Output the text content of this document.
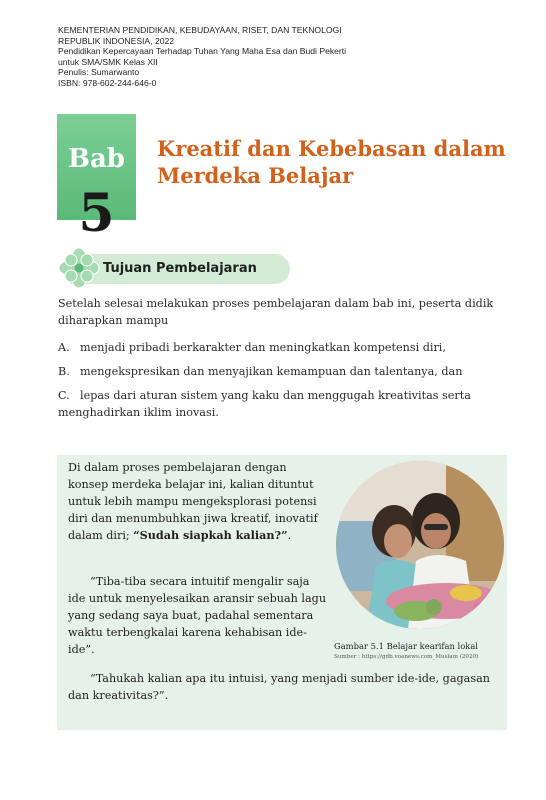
KEMENTERIAN PENDIDIKAN, KEBUDAYAAN, RISET, DAN TEKNOLOGI
REPUBLIK INDONESIA, 2022
Pendidikan Kepercayaan Terhadap Tuhan Yang Maha Esa dan Budi Pekerti
untuk SMA/SMK Kelas XII
Penulis: Sumarwanto
ISBN: 978-602-244-646-0
Bab
5
Kreatif dan Kebebasan dalam
Merdeka Belajar
Tujuan Pembelajaran
Setelah selesai melakukan proses pembelajaran dalam bab ini, peserta didik diharapkan mampu
A. menjadi pribadi berkarakter dan meningkatkan kompetensi diri,
B. mengekspresikan dan menyajikan kemampuan dan talentanya, dan
C. lepas dari aturan sistem yang kaku dan menggugah kreativitas serta menghadirkan iklim inovasi.
Di dalam proses pembelajaran dengan konsep merdeka belajar ini, kalian dituntut untuk lebih mampu mengeksplorasi potensi diri dan menumbuhkan jiwa kreatif, inovatif dalam diri; “Sudah siapkah kalian?”.
“Tiba-tiba secara intuitif mengalir saja ide untuk menyelesaikan aransir sebuah lagu yang sedang saya buat, padahal sementara waktu terbengkalai karena kehabisan ide-ide”.
“Tahukah kalian apa itu intuisi, yang menjadi sumber ide-ide, gagasan dan kreativitas?”.
Gambar 5.1 Belajar kearifan lokal
Sumber : https://gdb.voanews.com_Muslam (2020)
